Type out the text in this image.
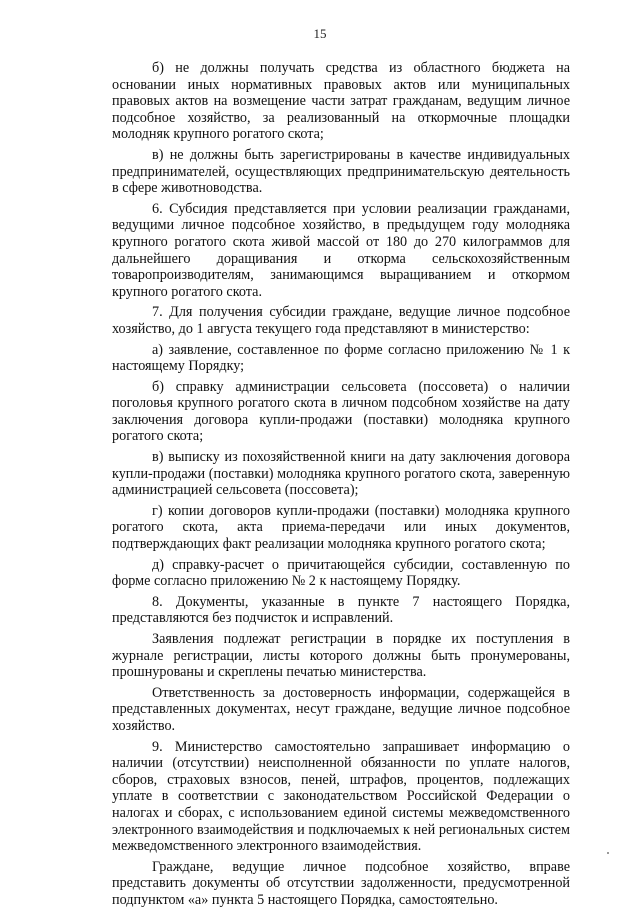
15

б) не должны получать средства из областного бюджета на основании иных нормативных правовых актов или муниципальных правовых актов на возмещение части затрат гражданам, ведущим личное подсобное хозяйство, за реализованный на откормочные площадки молодняк крупного рогатого скота;

в) не должны быть зарегистрированы в качестве индивидуальных предпринимателей, осуществляющих предпринимательскую деятельность в сфере животноводства.

6. Субсидия представляется при условии реализации гражданами, ведущими личное подсобное хозяйство, в предыдущем году молодняка крупного рогатого скота живой массой от 180 до 270 килограммов для дальнейшего доращивания и откорма сельскохозяйственным товаропроизводителям, занимающимся выращиванием и откормом крупного рогатого скота.

7. Для получения субсидии граждане, ведущие личное подсобное хозяйство, до 1 августа текущего года представляют в министерство:

а) заявление, составленное по форме согласно приложению № 1 к настоящему Порядку;

б) справку администрации сельсовета (поссовета) о наличии поголовья крупного рогатого скота в личном подсобном хозяйстве на дату заключения договора купли-продажи (поставки) молодняка крупного рогатого скота;

в) выписку из похозяйственной книги на дату заключения договора купли-продажи (поставки) молодняка крупного рогатого скота, заверенную администрацией сельсовета (поссовета);

г) копии договоров купли-продажи (поставки) молодняка крупного рогатого скота, акта приема-передачи или иных документов, подтверждающих факт реализации молодняка крупного рогатого скота;

д) справку-расчет о причитающейся субсидии, составленную по форме согласно приложению № 2 к настоящему Порядку.

8. Документы, указанные в пункте 7 настоящего Порядка, представляются без подчисток и исправлений.

Заявления подлежат регистрации в порядке их поступления в журнале регистрации, листы которого должны быть пронумерованы, прошнурованы и скреплены печатью министерства.

Ответственность за достоверность информации, содержащейся в представленных документах, несут граждане, ведущие личное подсобное хозяйство.

9. Министерство самостоятельно запрашивает информацию о наличии (отсутствии) неисполненной обязанности по уплате налогов, сборов, страховых взносов, пеней, штрафов, процентов, подлежащих уплате в соответствии с законодательством Российской Федерации о налогах и сборах, с использованием единой системы межведомственного электронного взаимодействия и подключаемых к ней региональных систем межведомственного электронного взаимодействия.

Граждане, ведущие личное подсобное хозяйство, вправе представить документы об отсутствии задолженности, предусмотренной подпунктом «а» пункта 5 настоящего Порядка, самостоятельно.
